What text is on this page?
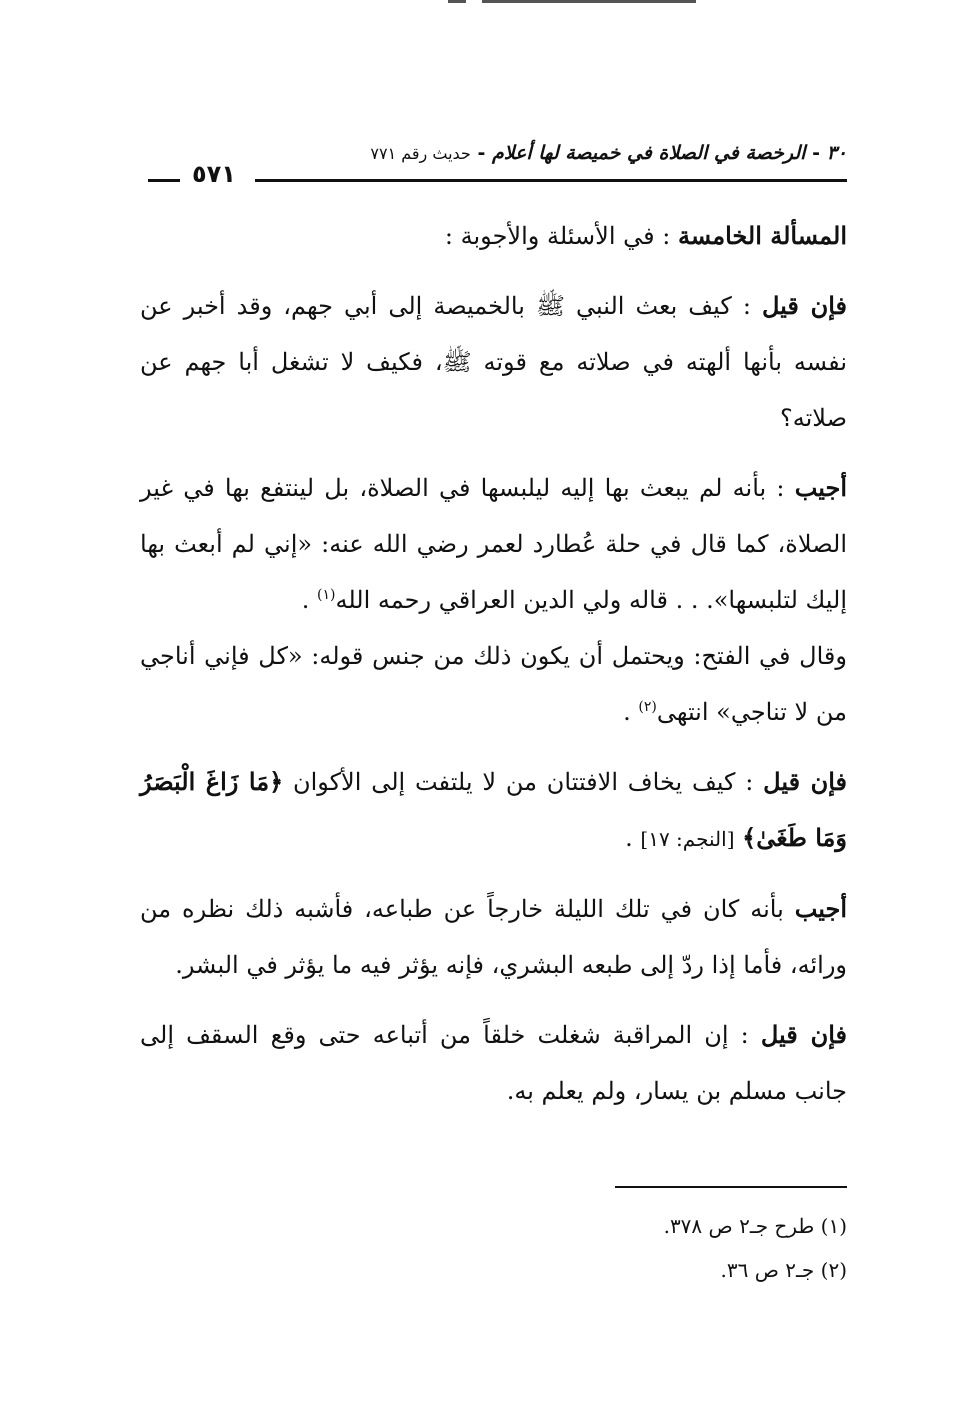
٣٠ - الرخصة في الصلاة في خميصة لها أعلام - حديث رقم ٧٧١
٥٧١

المسألة الخامسة : في الأسئلة والأجوبة :

فإن قيل : كيف بعث النبي ﷺ بالخميصة إلى أبي جهم، وقد أخبر عن نفسه بأنها ألهته في صلاته مع قوته ﷺ، فكيف لا تشغل أبا جهم عن صلاته؟

أجيب : بأنه لم يبعث بها إليه ليلبسها في الصلاة، بل لينتفع بها في غير الصلاة، كما قال في حلة عُطارد لعمر رضي الله عنه: «إني لم أبعث بها إليك لتلبسها». . . قاله ولي الدين العراقي رحمه الله$^{(١)}$ .

وقال في الفتح: ويحتمل أن يكون ذلك من جنس قوله: «كل فإني أناجي من لا تناجي» انتهى$^{(٢)}$ .

فإن قيل : كيف يخاف الافتتان من لا يلتفت إلى الأكوان ﴿مَا زَاغَ الْبَصَرُ وَمَا طَغَىٰ﴾ [النجم: ١٧] .

أجيب بأنه كان في تلك الليلة خارجاً عن طباعه، فأشبه ذلك نظره من ورائه، فأما إذا ردّ إلى طبعه البشري، فإنه يؤثر فيه ما يؤثر في البشر.

فإن قيل : إن المراقبة شغلت خلقاً من أتباعه حتى وقع السقف إلى جانب مسلم بن يسار، ولم يعلم به.

(١) طرح جـ٢ ص ٣٧٨.
(٢) جـ٢ ص ٣٦.
